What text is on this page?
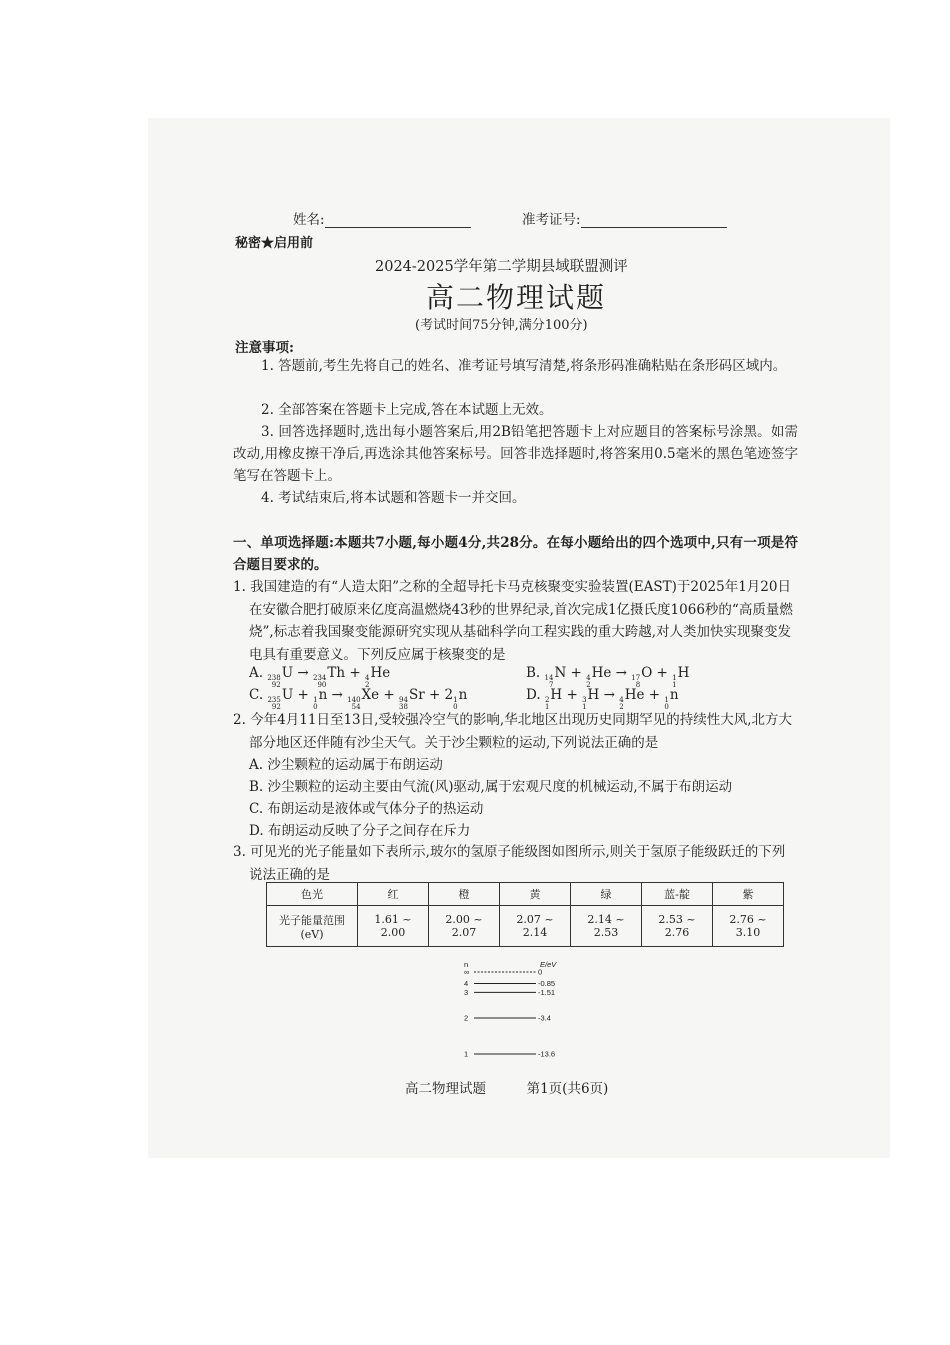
姓名:	准考证号:
秘密★启用前
2024-2025学年第二学期县域联盟测评
高二物理试题
(考试时间75分钟,满分100分)
注意事项:
1. 答题前,考生先将自己的姓名、准考证号填写清楚,将条形码准确粘贴在条形码区域内。
2. 全部答案在答题卡上完成,答在本试题上无效。
3. 回答选择题时,选出每小题答案后,用2B铅笔把答题卡上对应题目的答案标号涂黑。如需改动,用橡皮擦干净后,再选涂其他答案标号。回答非选择题时,将答案用0.5毫米的黑色笔迹签字笔写在答题卡上。
4. 考试结束后,将本试题和答题卡一并交回。
一、单项选择题:本题共7小题,每小题4分,共28分。在每小题给出的四个选项中,只有一项是符合题目要求的。
1. 我国建造的有“人造太阳”之称的全超导托卡马克核聚变实验装置(EAST)于2025年1月20日在安徽合肥打破原来亿度高温燃烧43秒的世界纪录,首次完成1亿摄氏度1066秒的“高质量燃烧”,标志着我国聚变能源研究实现从基础科学向工程实践的重大跨越,对人类加快实现聚变发电具有重要意义。下列反应属于核聚变的是
A. 238
92
U → 234
90
Th + 4
2
He	B. 14
7
N + 4
2
He → 17
8
O + 1
1
H
C. 235
92
U + 1
0
n → 140
54
Xe + 94
38
Sr + 2 1
0
n	D. 2
1
H + 3
1
H → 4
2
He + 1
0
n
2. 今年4月11日至13日,受较强冷空气的影响,华北地区出现历史同期罕见的持续性大风,北方大部分地区还伴随有沙尘天气。关于沙尘颗粒的运动,下列说法正确的是
A. 沙尘颗粒的运动属于布朗运动
B. 沙尘颗粒的运动主要由气流(风)驱动,属于宏观尺度的机械运动,不属于布朗运动
C. 布朗运动是液体或气体分子的热运动
D. 布朗运动反映了分子之间存在斥力
3. 可见光的光子能量如下表所示,玻尔的氢原子能级图如图所示,则关于氢原子能级跃迁的下列说法正确的是
色光	红	橙	黄	绿	蓝-靛	紫

光子能量范围
(eV)	1.61 ~ 2.00	2.00 ~ 2.07	2.07 ~ 2.14	2.14 ~ 2.53	2.53 ~ 2.76	2.76 ~ 3.10
n	E/eV
∞	0
4	-0.85
3	-1.51
2	-3.4
1	-13.6
高二物理试题	第1页(共6页)
